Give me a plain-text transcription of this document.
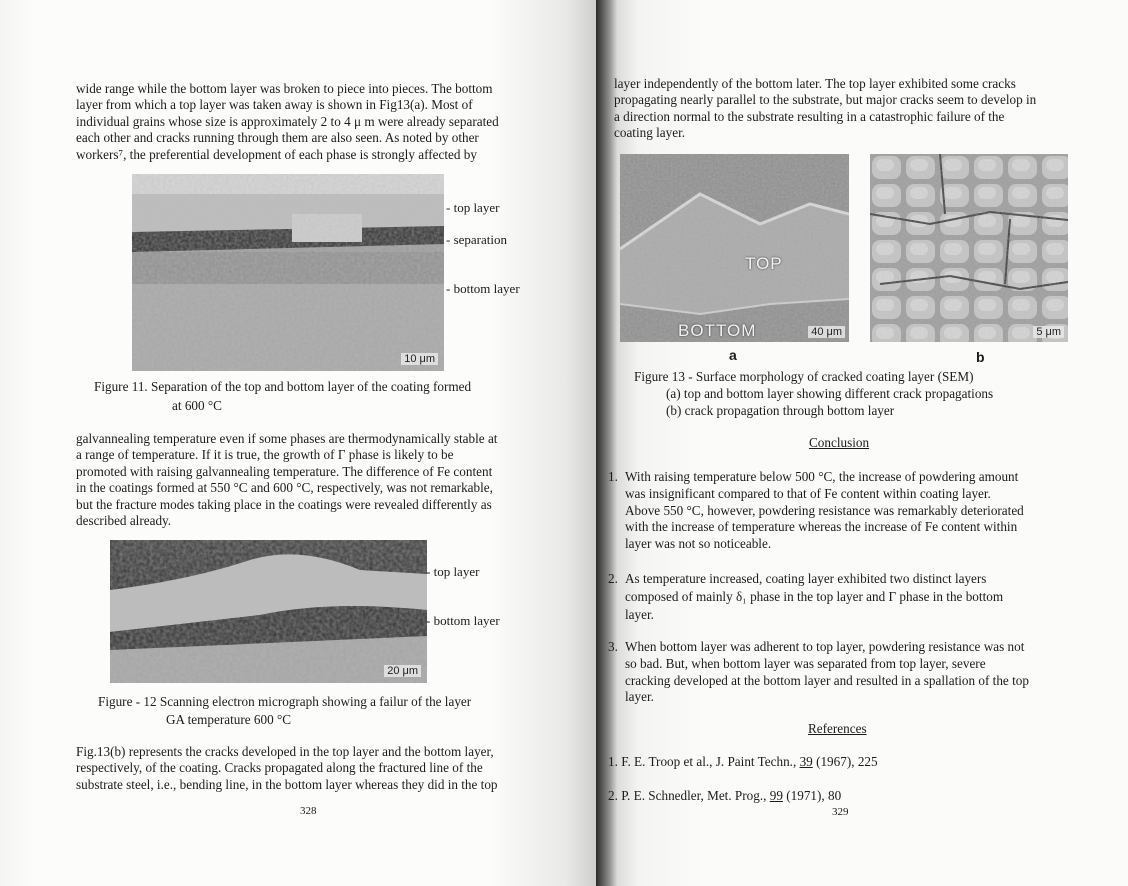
wide range while the bottom layer was broken to piece into pieces. The bottom
layer from which a top layer was taken away is shown in Fig13(a). Most of
individual grains whose size is approximately 2 to 4 μ m were already separated
each other and cracks running through them are also seen. As noted by other
workers⁷, the preferential development of each phase is strongly affected by
10 μm
- top layer
- separation
- bottom layer
Figure 11. Separation of the top and bottom layer of the coating formed
at 600 °C
galvannealing temperature even if some phases are thermodynamically stable at
a range of temperature. If it is true, the growth of Γ phase is likely to be
promoted with raising galvannealing temperature. The difference of Fe content
in the coatings formed at 550 °C and 600 °C, respectively, was not remarkable,
but the fracture modes taking place in the coatings were revealed differently as
described already.
20 μm
- top layer
- bottom layer
Figure - 12 Scanning electron micrograph showing a failur of the layer
GA temperature 600 °C
Fig.13(b) represents the cracks developed in the top layer and the bottom layer,
respectively, of the coating. Cracks propagated along the fractured line of the
substrate steel, i.e., bending line, in the bottom layer whereas they did in the top
328
layer independently of the bottom later. The top layer exhibited some cracks
propagating nearly parallel to the substrate, but major cracks seem to develop in
a direction normal to the substrate resulting in a catastrophic failure of the
coating layer.
TOP
BOTTOM	40 μm	5 μm
a	b
Figure 13 - Surface morphology of cracked coating layer (SEM)
(a) top and bottom layer showing different crack propagations
(b) crack propagation through bottom layer
Conclusion
1. With raising temperature below 500 °C, the increase of powdering amount
was insignificant compared to that of Fe content within coating layer.
Above 550 °C, however, powdering resistance was remarkably deteriorated
with the increase of temperature whereas the increase of Fe content within
layer was not so noticeable.
2. As temperature increased, coating layer exhibited two distinct layers
composed of mainly δ₁ phase in the top layer and Γ phase in the bottom
layer.
3. When bottom layer was adherent to top layer, powdering resistance was not
so bad. But, when bottom layer was separated from top layer, severe
cracking developed at the bottom layer and resulted in a spallation of the top
layer.
References
1. F. E. Troop et al., J. Paint Techn., 39 (1967), 225
2. P. E. Schnedler, Met. Prog., 99 (1971), 80
329
